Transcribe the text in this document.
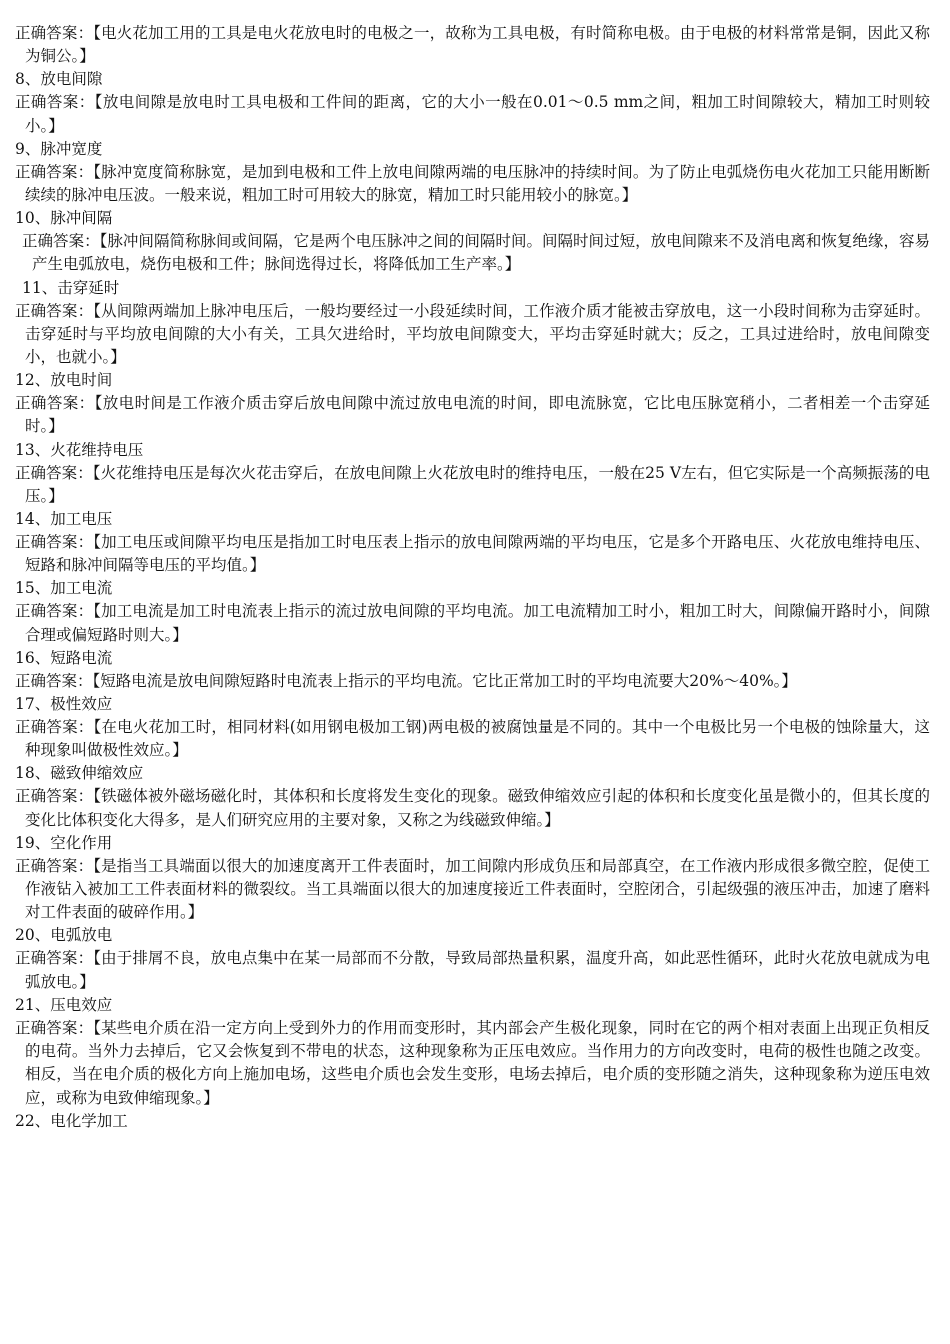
正确答案：【电火花加工用的工具是电火花放电时的电极之一，故称为工具电极，有时简称电极。由于电极的材料常常是铜，因此又称为铜公。】

8、放电间隙

正确答案：【放电间隙是放电时工具电极和工件间的距离，它的大小一般在0.01～0.5 mm之间，粗加工时间隙较大，精加工时则较小。】

9、脉冲宽度

正确答案：【脉冲宽度简称脉宽，是加到电极和工件上放电间隙两端的电压脉冲的持续时间。为了防止电弧烧伤电火花加工只能用断断续续的脉冲电压波。一般来说，粗加工时可用较大的脉宽，精加工时只能用较小的脉宽。】

10、脉冲间隔

正确答案：【脉冲间隔简称脉间或间隔，它是两个电压脉冲之间的间隔时间。间隔时间过短，放电间隙来不及消电离和恢复绝缘，容易产生电弧放电，烧伤电极和工件；脉间选得过长，将降低加工生产率。】

11、击穿延时

正确答案：【从间隙两端加上脉冲电压后，一般均要经过一小段延续时间，工作液介质才能被击穿放电，这一小段时间称为击穿延时。击穿延时与平均放电间隙的大小有关，工具欠进给时，平均放电间隙变大，平均击穿延时就大；反之，工具过进给时，放电间隙变小，也就小。】

12、放电时间

正确答案：【放电时间是工作液介质击穿后放电间隙中流过放电电流的时间，即电流脉宽，它比电压脉宽稍小，二者相差一个击穿延时。】

13、火花维持电压

正确答案：【火花维持电压是每次火花击穿后，在放电间隙上火花放电时的维持电压，一般在25 V左右，但它实际是一个高频振荡的电压。】

14、加工电压

正确答案：【加工电压或间隙平均电压是指加工时电压表上指示的放电间隙两端的平均电压，它是多个开路电压、火花放电维持电压、短路和脉冲间隔等电压的平均值。】

15、加工电流

正确答案：【加工电流是加工时电流表上指示的流过放电间隙的平均电流。加工电流精加工时小，粗加工时大，间隙偏开路时小，间隙合理或偏短路时则大。】

16、短路电流

正确答案：【短路电流是放电间隙短路时电流表上指示的平均电流。它比正常加工时的平均电流要大20%～40%。】

17、极性效应

正确答案：【在电火花加工时，相同材料(如用钢电极加工钢)两电极的被腐蚀量是不同的。其中一个电极比另一个电极的蚀除量大，这种现象叫做极性效应。】

18、磁致伸缩效应

正确答案：【铁磁体被外磁场磁化时，其体积和长度将发生变化的现象。磁致伸缩效应引起的体积和长度变化虽是微小的，但其长度的变化比体积变化大得多，是人们研究应用的主要对象，又称之为线磁致伸缩。】

19、空化作用

正确答案：【是指当工具端面以很大的加速度离开工件表面时，加工间隙内形成负压和局部真空，在工作液内形成很多微空腔，促使工作液钻入被加工工件表面材料的微裂纹。当工具端面以很大的加速度接近工件表面时，空腔闭合，引起级强的液压冲击，加速了磨料对工件表面的破碎作用。】

20、电弧放电

正确答案：【由于排屑不良，放电点集中在某一局部而不分散，导致局部热量积累，温度升高，如此恶性循环，此时火花放电就成为电弧放电。】

21、压电效应

正确答案：【某些电介质在沿一定方向上受到外力的作用而变形时，其内部会产生极化现象，同时在它的两个相对表面上出现正负相反的电荷。当外力去掉后，它又会恢复到不带电的状态，这种现象称为正压电效应。当作用力的方向改变时，电荷的极性也随之改变。相反，当在电介质的极化方向上施加电场，这些电介质也会发生变形，电场去掉后，电介质的变形随之消失，这种现象称为逆压电效应，或称为电致伸缩现象。】

22、电化学加工
